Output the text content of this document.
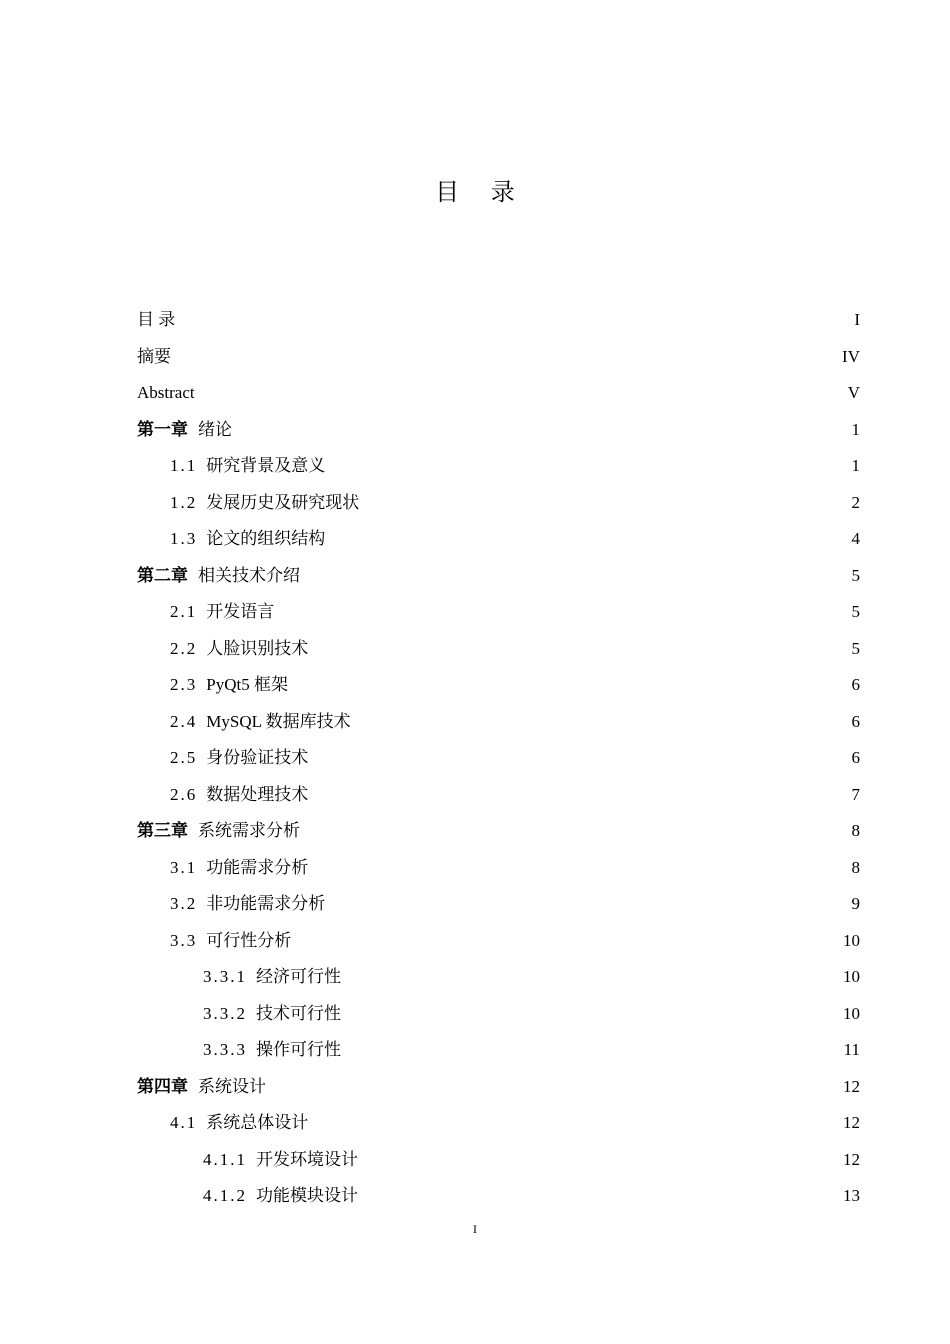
目 录
目 录	I
摘要	IV
Abstract	V
第一章 绪论	1
1.1 研究背景及意义	1
1.2 发展历史及研究现状	2
1.3 论文的组织结构	4
第二章 相关技术介绍	5
2.1 开发语言	5
2.2 人脸识别技术	5
2.3 PyQt5 框架	6
2.4 MySQL 数据库技术	6
2.5 身份验证技术	6
2.6 数据处理技术	7
第三章 系统需求分析	8
3.1 功能需求分析	8
3.2 非功能需求分析	9
3.3 可行性分析	10
3.3.1 经济可行性	10
3.3.2 技术可行性	10
3.3.3 操作可行性	11
第四章 系统设计	12
4.1 系统总体设计	12
4.1.1 开发环境设计	12
4.1.2 功能模块设计	13
I
